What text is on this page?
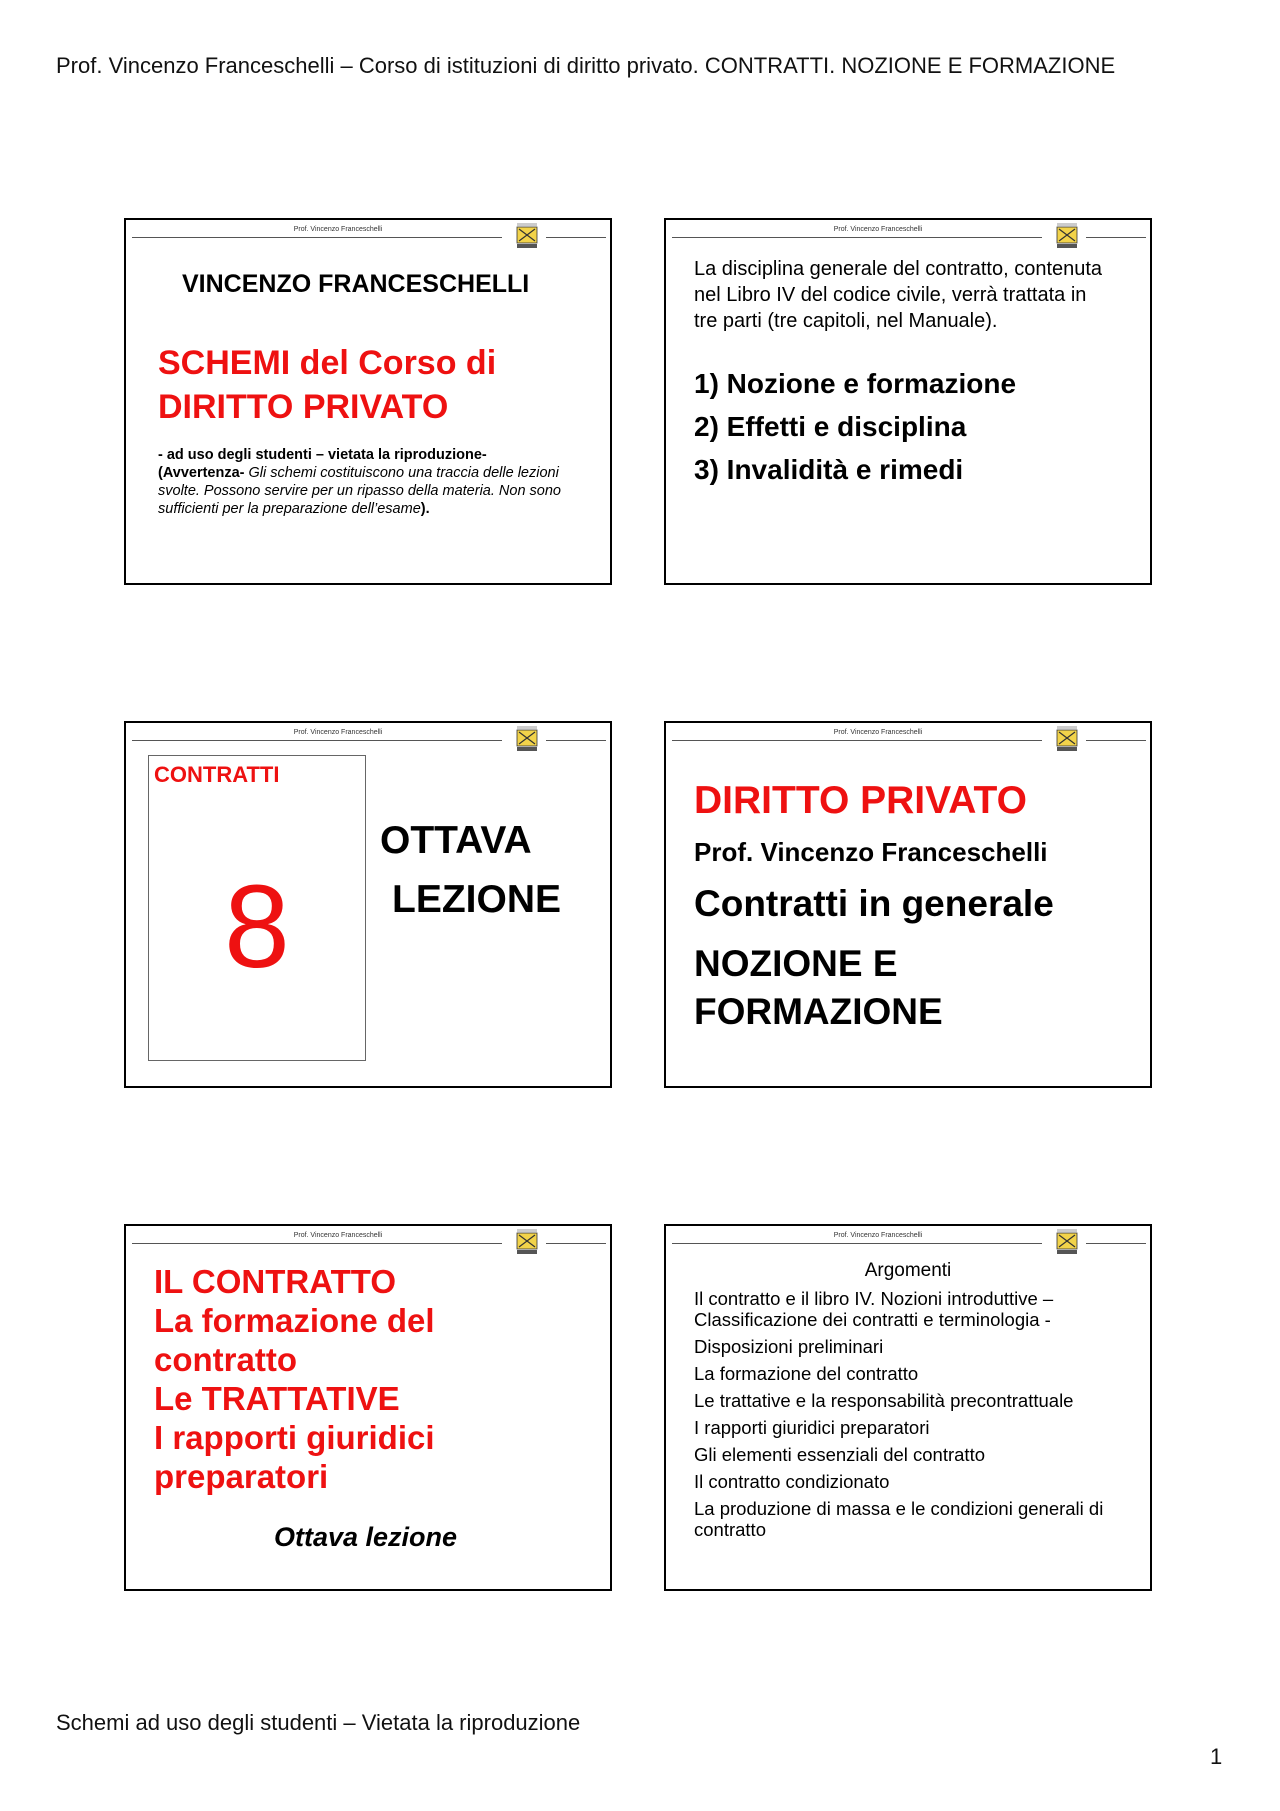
Prof. Vincenzo Franceschelli – Corso di istituzioni di diritto privato. CONTRATTI. NOZIONE E FORMAZIONE
Prof. Vincenzo Franceschelli
VINCENZO FRANCESCHELLI
SCHEMI del Corso di
DIRITTO PRIVATO
- ad uso degli studenti – vietata la riproduzione-
(Avvertenza- Gli schemi costituiscono una traccia delle lezioni svolte. Possono servire per un ripasso della materia. Non sono sufficienti per la preparazione dell’esame).
Prof. Vincenzo Franceschelli
La disciplina generale del contratto, contenuta nel Libro IV del codice civile, verrà trattata in tre parti (tre capitoli, nel Manuale).
1) Nozione e formazione
2) Effetti e disciplina
3) Invalidità e rimedi
Prof. Vincenzo Franceschelli
CONTRATTI
8
OTTAVA
LEZIONE
Prof. Vincenzo Franceschelli
DIRITTO PRIVATO
Prof. Vincenzo Franceschelli
Contratti in generale
NOZIONE E
FORMAZIONE
Prof. Vincenzo Franceschelli
IL CONTRATTO
La formazione del
contratto
Le TRATTATIVE
I rapporti giuridici
preparatori
Ottava lezione
Prof. Vincenzo Franceschelli
Argomenti
Il contratto e il libro IV. Nozioni introduttive – Classificazione dei contratti e terminologia -
Disposizioni preliminari
La formazione del contratto
Le trattative e la responsabilità precontrattuale
I rapporti giuridici preparatori
Gli elementi essenziali del contratto
Il contratto condizionato
La produzione di massa e le condizioni generali di contratto
Schemi ad uso degli studenti – Vietata la riproduzione
1
